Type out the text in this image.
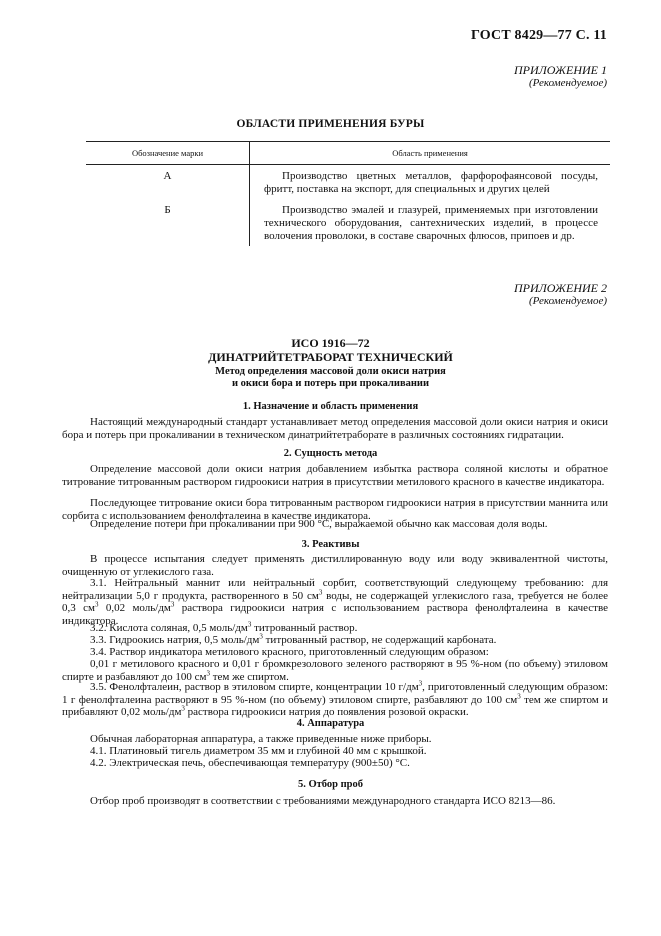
ГОСТ 8429—77 С. 11
ПРИЛОЖЕНИЕ 1
(Рекомендуемое)
ОБЛАСТИ ПРИМЕНЕНИЯ БУРЫ
Обозначение марки	Область применения
А	Производство цветных металлов, фарфорофаянсовой посуды, фритт, поставка на экспорт, для специальных и других целей
Б	Производство эмалей и глазурей, применяемых при изготовлении технического оборудования, сантехнических изделий, в процессе волочения проволоки, в составе сварочных флюсов, припоев и др.
ПРИЛОЖЕНИЕ 2
(Рекомендуемое)
ИСО 1916—72
ДИНАТРИЙТЕТРАБОРАТ ТЕХНИЧЕСКИЙ
Метод определения массовой доли окиси натрия
и окиси бора и потерь при прокаливании
1. Назначение и область применения
Настоящий международный стандарт устанавливает метод определения массовой доли окиси натрия и окиси бора и потерь при прокаливании в техническом динатрийтетраборате в различных состояниях гидратации.
2. Сущность метода
Определение массовой доли окиси натрия добавлением избытка раствора соляной кислоты и обратное титрование титрованным раствором гидроокиси натрия в присутствии метилового красного в качестве индикатора.
Последующее титрование окиси бора титрованным раствором гидроокиси натрия в присутствии маннита или сорбита с использованием фенолфталеина в качестве индикатора.
Определение потери при прокаливании при 900 °С, выражаемой обычно как массовая доля воды.
3. Реактивы
В процессе испытания следует применять дистиллированную воду или воду эквивалентной чистоты, очищенную от углекислого газа.
3.1. Нейтральный маннит или нейтральный сорбит, соответствующий следующему требованию: для нейтрализации 5,0 г продукта, растворенного в 50 $см^3$ воды, не содержащей углекислого газа, требуется не более 0,3 $см^3$ 0,02 моль/$дм^3$ раствора гидроокиси натрия с использованием раствора фенолфталеина в качестве индикатора.
3.2. Кислота соляная, 0,5 моль/$дм^3$ титрованный раствор.
3.3. Гидроокись натрия, 0,5 моль/$дм^3$ титрованный раствор, не содержащий карбоната.
3.4. Раствор индикатора метилового красного, приготовленный следующим образом:
0,01 г метилового красного и 0,01 г бромкрезолового зеленого растворяют в 95 %-ном (по объему) этиловом спирте и разбавляют до 100 $см^3$ тем же спиртом.
3.5. Фенолфталеин, раствор в этиловом спирте, концентрации 10 $г/дм^3$, приготовленный следующим образом: 1 г фенолфталеина растворяют в 95 %-ном (по объему) этиловом спирте, разбавляют до 100 $см^3$ тем же спиртом и прибавляют 0,02 моль/$дм^3$ раствора гидроокиси натрия до появления розовой окраски.
4. Аппаратура
Обычная лабораторная аппаратура, а также приведенные ниже приборы.
4.1. Платиновый тигель диаметром 35 мм и глубиной 40 мм с крышкой.
4.2. Электрическая печь, обеспечивающая температуру (900±50) °С.
5. Отбор проб
Отбор проб производят в соответствии с требованиями международного стандарта ИСО 8213—86.
